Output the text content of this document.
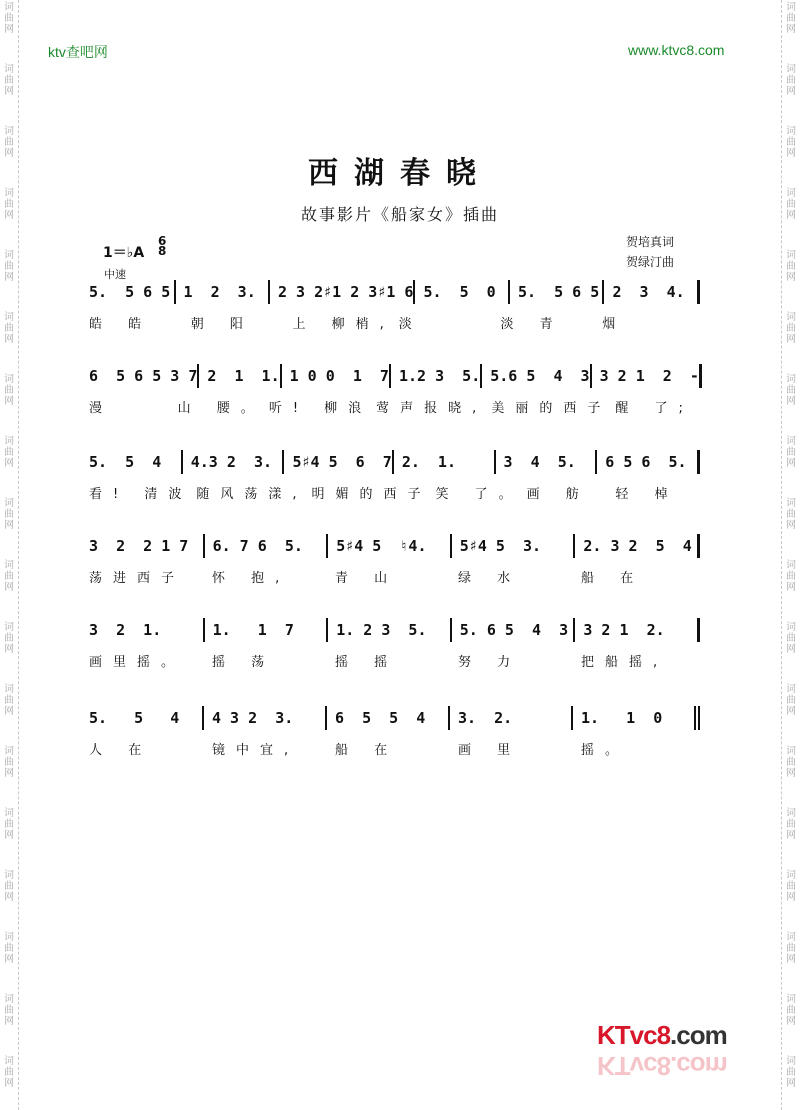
词
曲
网
词
曲
网
词
曲
网
词
曲
网
词
曲
网
词
曲
网
词
曲
网
词
曲
网
词
曲
网
词
曲
网
词
曲
网
词
曲
网
词
曲
网
词
曲
网
词
曲
网
词
曲
网
词
曲
网
词
曲
网
词
曲
网
词
曲
网
词
曲
网
词
曲
网
词
曲
网
词
曲
网
词
曲
网
词
曲
网
词
曲
网
词
曲
网
词
曲
网
词
曲
网
词
曲
网
词
曲
网
词
曲
网
词
曲
网
词
曲
网
词
曲
网
ktv查吧网	www.ktvc8.com
西湖春晓
故事影片《船家女》插曲
贺培真词
贺绿汀曲
1＝♭A
6
8
中速
5.  5 6 5 1  2  3.	2 3 2♯1 2 3♯1 6 5.  5  0	5.  5 6 5 2  3  4.
皓 皓	朝 阳	上 柳梢, 淡	淡 青	烟
6  5 6 5 3 7 2  1  1. 1 0 0  1  7 1.2 3  5. 5.6 5  4  3 3 2 1  2  -
漫	山 腰。 听! 柳浪 莺声报晓, 美丽的西子 醒 了;
5.  5  4	4.3 2  3.	5♯4 5  6  7 2.  1.	3  4  5.	6 5 6  5.
看! 清波 随风荡漾, 明媚的西子 笑 了。 画 舫	轻 棹
3  2  2 1 7	6. 7 6  5.	5♯4 5  ♮4.	5♯4 5  3.	2. 3 2  5  4
荡进西子	怀 抱,	青 山	绿 水	船 在
3  2  1.	1.   1  7	1. 2 3  5.	5. 6 5  4  3	3 2 1  2.
画里摇。	摇 荡	摇 摇	努 力	把船摇,
5.   5   4	4 3 2  3.	6  5  5  4	3.  2.	1.   1  0
人 在	镜中宜,	船 在	画 里	摇。
KTvc8.com
KTvc8.com
